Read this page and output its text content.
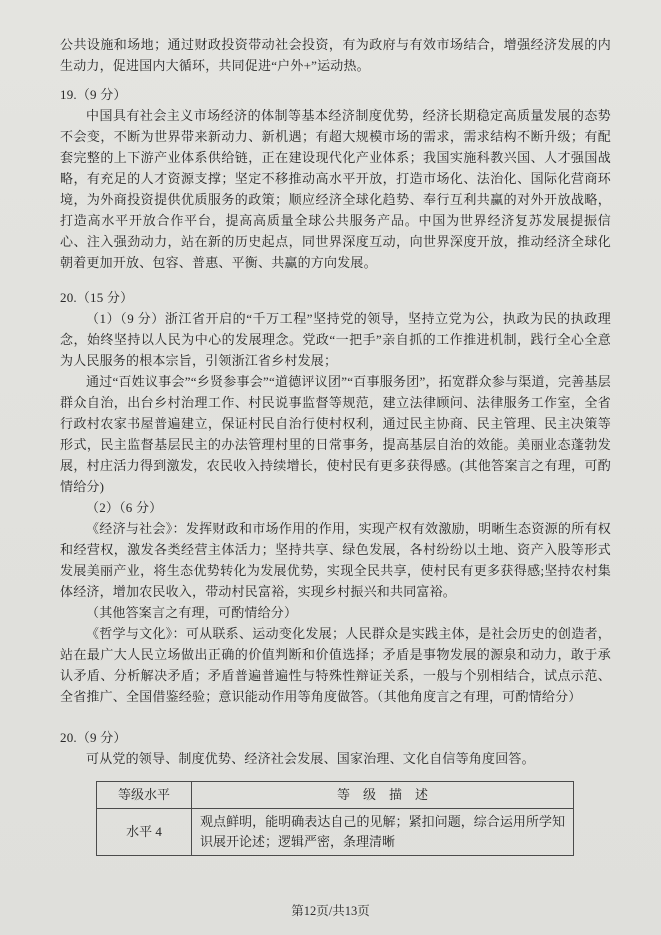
公共设施和场地；通过财政投资带动社会投资，有为政府与有效市场结合，增强经济发展的内生动力，促进国内大循环，共同促进“户外+”运动热。

19.（9 分）

中国具有社会主义市场经济的体制等基本经济制度优势，经济长期稳定高质量发展的态势不会变，不断为世界带来新动力、新机遇；有超大规模市场的需求，需求结构不断升级；有配套完整的上下游产业体系供给链，正在建设现代化产业体系；我国实施科教兴国、人才强国战略，有充足的人才资源支撑；坚定不移推动高水平开放，打造市场化、法治化、国际化营商环境，为外商投资提供优质服务的政策；顺应经济全球化趋势、奉行互利共赢的对外开放战略，打造高水平开放合作平台，提高高质量全球公共服务产品。中国为世界经济复苏发展提振信心、注入强劲动力，站在新的历史起点，同世界深度互动，向世界深度开放，推动经济全球化朝着更加开放、包容、普惠、平衡、共赢的方向发展。

20.（15 分）

（1）（9 分）浙江省开启的“千万工程”坚持党的领导，坚持立党为公，执政为民的执政理念，始终坚持以人民为中心的发展理念。党政“一把手”亲自抓的工作推进机制，践行全心全意为人民服务的根本宗旨，引领浙江省乡村发展；

通过“百姓议事会”“乡贤参事会”“道德评议团”“百事服务团”，拓宽群众参与渠道，完善基层群众自治，出台乡村治理工作、村民说事监督等规范，建立法律顾问、法律服务工作室，全省行政村农家书屋普遍建立，保证村民自治行使村权利，通过民主协商、民主管理、民主决策等形式，民主监督基层民主的办法管理村里的日常事务，提高基层自治的效能。美丽业态蓬勃发展，村庄活力得到激发，农民收入持续增长，使村民有更多获得感。(其他答案言之有理，可酌情给分)

（2）（6 分）

《经济与社会》：发挥财政和市场作用的作用，实现产权有效激励，明晰生态资源的所有权和经营权，激发各类经营主体活力；坚持共享、绿色发展，各村纷纷以土地、资产入股等形式发展美丽产业，将生态优势转化为发展优势，实现全民共享，使村民有更多获得感;坚持农村集体经济，增加农民收入，带动村民富裕，实现乡村振兴和共同富裕。

（其他答案言之有理，可酌情给分）

《哲学与文化》：可从联系、运动变化发展；人民群众是实践主体，是社会历史的创造者，站在最广大人民立场做出正确的价值判断和价值选择；矛盾是事物发展的源泉和动力，敢于承认矛盾、分析解决矛盾；矛盾普遍普遍性与特殊性辩证关系，一般与个别相结合，试点示范、全省推广、全国借鉴经验；意识能动作用等角度做答。（其他角度言之有理，可酌情给分）

20.（9 分）

可从党的领导、制度优势、经济社会发展、国家治理、文化自信等角度回答。

等级水平	等　级　描　述
水平 4	观点鲜明，能明确表达自己的见解；紧扣问题，综合运用所学知识展开论述；逻辑严密，条理清晰
第12页/共13页
